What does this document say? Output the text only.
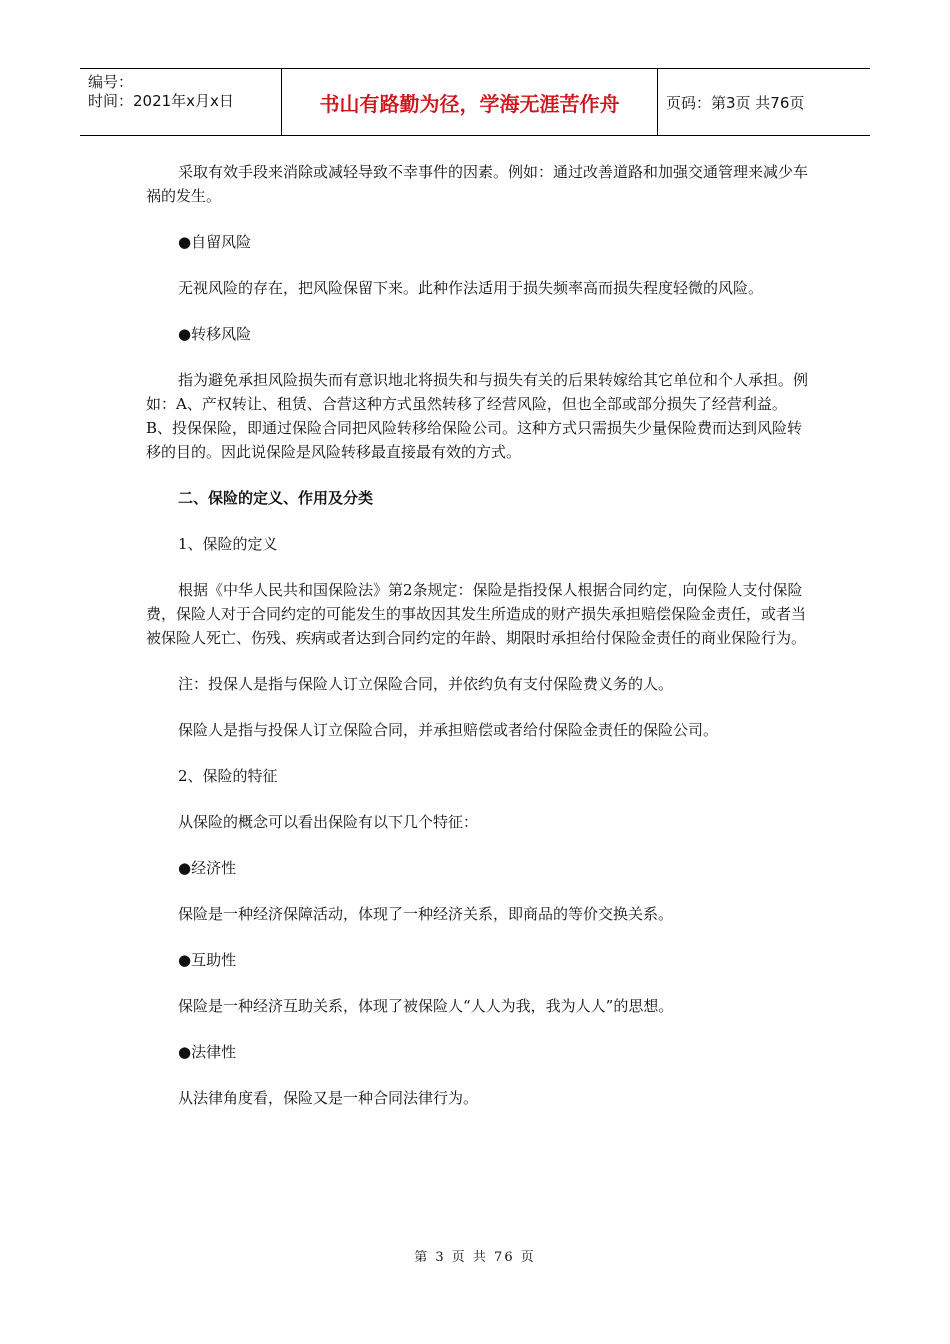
编号：
时间：2021年x月x日	书山有路勤为径，学海无涯苦作舟	页码：第3页 共76页

采取有效手段来消除或减轻导致不幸事件的因素。例如：通过改善道路和加强交通管理来减少车祸的发生。

●自留风险

无视风险的存在，把风险保留下来。此种作法适用于损失频率高而损失程度轻微的风险。

●转移风险

指为避免承担风险损失而有意识地北将损失和与损失有关的后果转嫁给其它单位和个人承担。例如：A、产权转让、租赁、合营这种方式虽然转移了经营风险，但也全部或部分损失了经营利益。B、投保保险，即通过保险合同把风险转移给保险公司。这种方式只需损失少量保险费而达到风险转移的目的。因此说保险是风险转移最直接最有效的方式。

二、保险的定义、作用及分类

1、保险的定义

根据《中华人民共和国保险法》第2条规定：保险是指投保人根据合同约定，向保险人支付保险费，保险人对于合同约定的可能发生的事故因其发生所造成的财产损失承担赔偿保险金责任，或者当被保险人死亡、伤残、疾病或者达到合同约定的年龄、期限时承担给付保险金责任的商业保险行为。

注：投保人是指与保险人订立保险合同，并依约负有支付保险费义务的人。

保险人是指与投保人订立保险合同，并承担赔偿或者给付保险金责任的保险公司。

2、保险的特征

从保险的概念可以看出保险有以下几个特征：

●经济性

保险是一种经济保障活动，体现了一种经济关系，即商品的等价交换关系。

●互助性

保险是一种经济互助关系，体现了被保险人“人人为我，我为人人”的思想。

●法律性

从法律角度看，保险又是一种合同法律行为。

第 3 页 共 76 页
